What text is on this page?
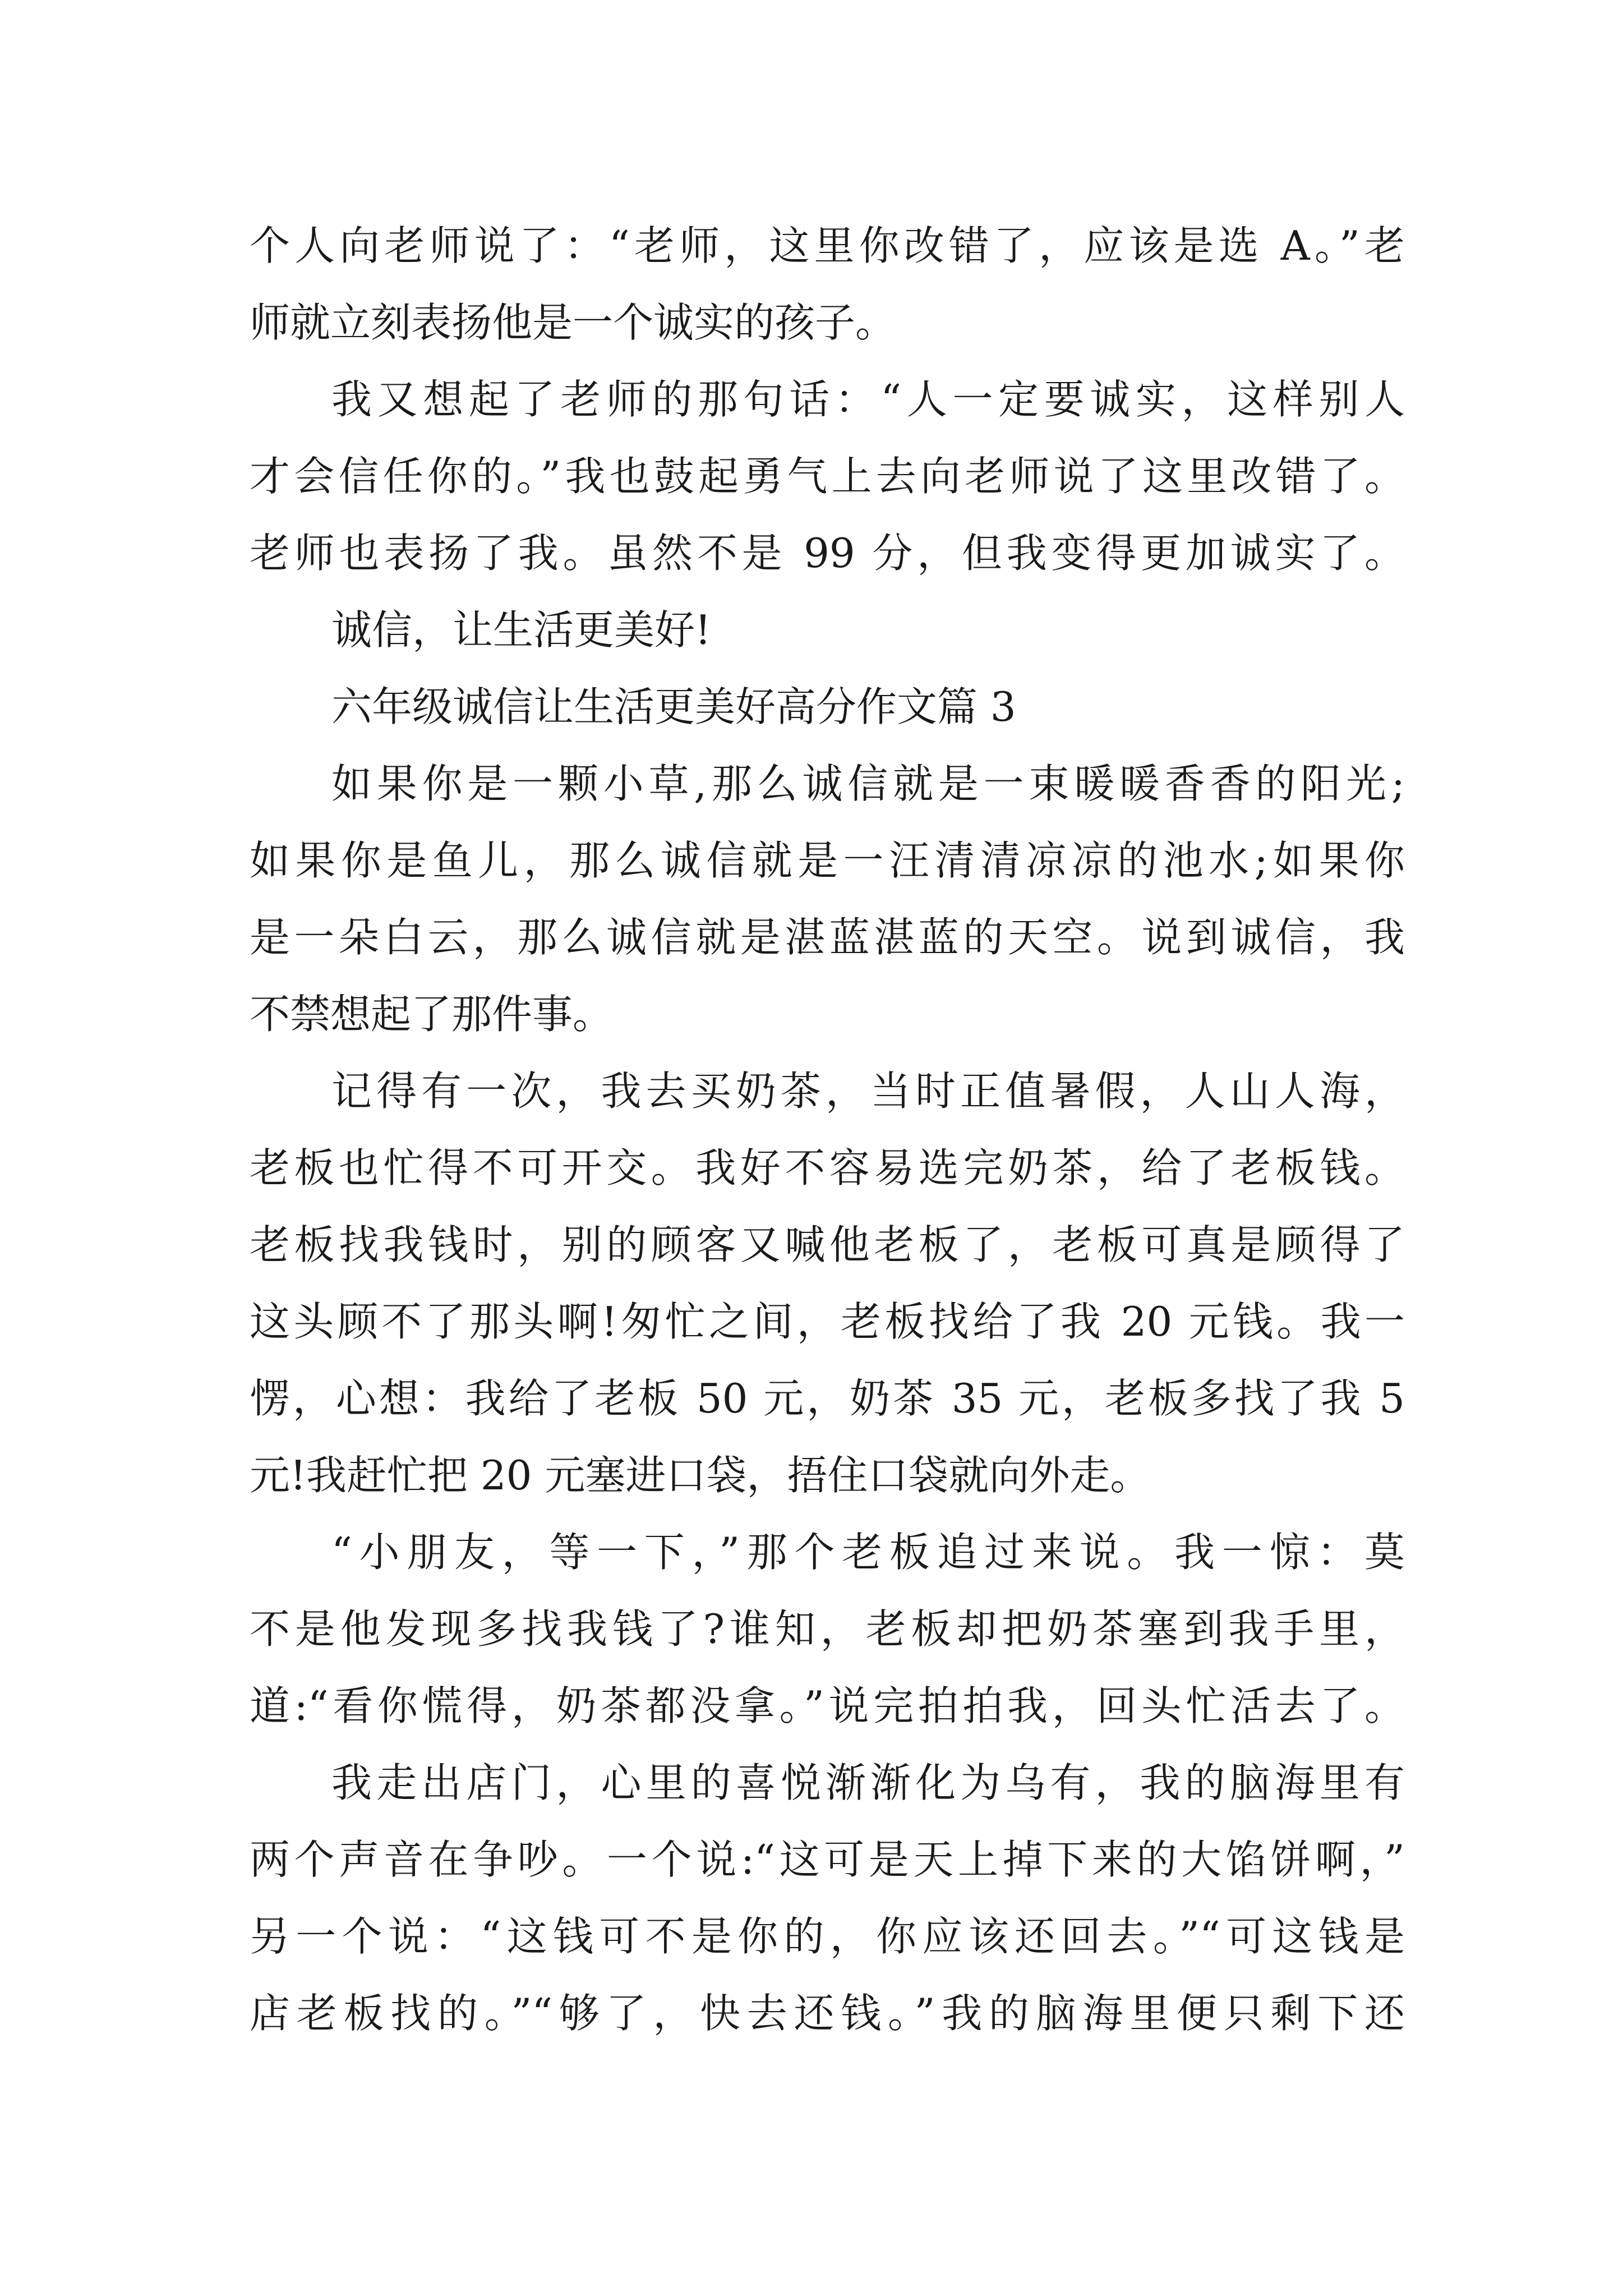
个人向老师说了：“老师，这里你改错了，应该是选 A。”老
师就立刻表扬他是一个诚实的孩子。
我又想起了老师的那句话：“人一定要诚实，这样别人
才会信任你的。”我也鼓起勇气上去向老师说了这里改错了。
老师也表扬了我。虽然不是 99 分，但我变得更加诚实了。
诚信，让生活更美好!
六年级诚信让生活更美好高分作文篇 3
如果你是一颗小草,那么诚信就是一束暖暖香香的阳光;
如果你是鱼儿，那么诚信就是一汪清清凉凉的池水;如果你
是一朵白云，那么诚信就是湛蓝湛蓝的天空。说到诚信，我
不禁想起了那件事。
记得有一次，我去买奶茶，当时正值暑假，人山人海，
老板也忙得不可开交。我好不容易选完奶茶，给了老板钱。
老板找我钱时，别的顾客又喊他老板了，老板可真是顾得了
这头顾不了那头啊!匆忙之间，老板找给了我 20 元钱。我一
愣，心想：我给了老板 50 元，奶茶 35 元，老板多找了我 5
元!我赶忙把 20 元塞进口袋，捂住口袋就向外走。
“小朋友，等一下，”那个老板追过来说。我一惊：莫
不是他发现多找我钱了?谁知，老板却把奶茶塞到我手里，
道:“看你慌得，奶茶都没拿。”说完拍拍我，回头忙活去了。
我走出店门，心里的喜悦渐渐化为乌有，我的脑海里有
两个声音在争吵。一个说:“这可是天上掉下来的大馅饼啊，”
另一个说：“这钱可不是你的，你应该还回去。”“可这钱是
店老板找的。”“够了，快去还钱。”我的脑海里便只剩下还
